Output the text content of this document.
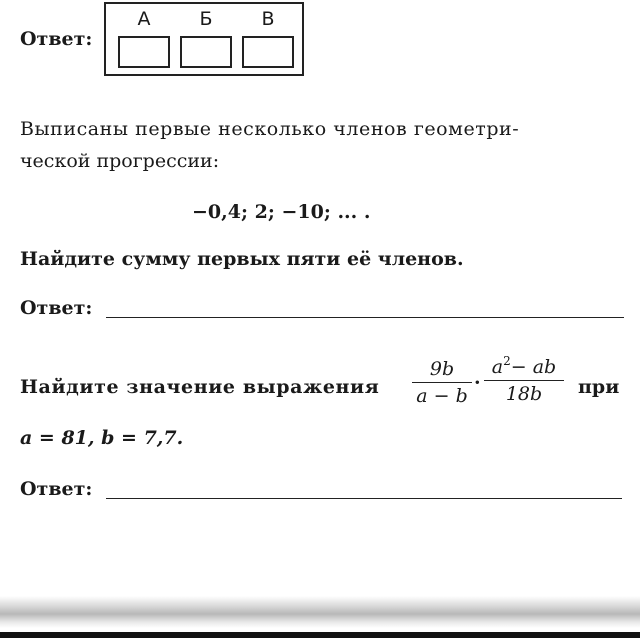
Ответ:
А	Б	В
Выписаны первые несколько членов геометри-
ческой прогрессии:
−0,4; 2; −10; ... .
Найдите сумму первых пяти её членов.
Ответ:
Найдите значение выражения
9b
a − b
·
$a^2-$ ab
18b	при
a = 81, b = 7,7.
Ответ:
